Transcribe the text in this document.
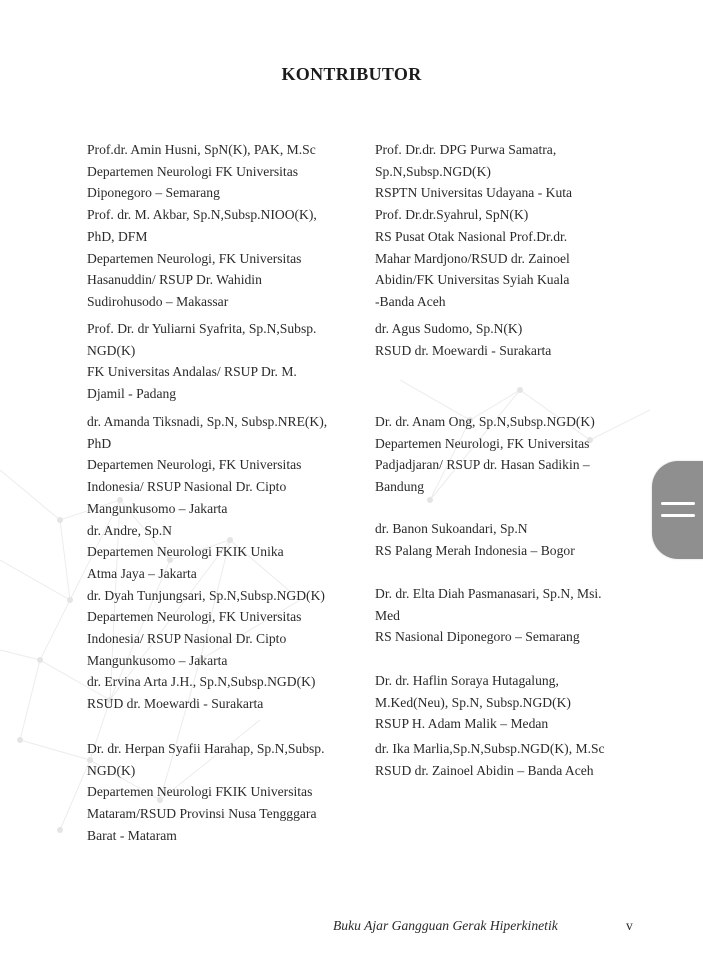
KONTRIBUTOR
Prof.dr. Amin Husni, SpN(K), PAK, M.Sc
Departemen Neurologi FK Universitas
Diponegoro – Semarang
Prof. dr. M. Akbar, Sp.N,Subsp.NIOO(K),
PhD, DFM
Departemen Neurologi, FK Universitas
Hasanuddin/ RSUP Dr. Wahidin
Sudirohusodo – Makassar
Prof. Dr. dr Yuliarni Syafrita, Sp.N,Subsp.
NGD(K)
FK Universitas Andalas/ RSUP Dr. M.
Djamil - Padang
dr. Amanda Tiksnadi, Sp.N, Subsp.NRE(K),
PhD
Departemen Neurologi, FK Universitas
Indonesia/ RSUP Nasional Dr. Cipto
Mangunkusomo – Jakarta
dr. Andre, Sp.N
Departemen Neurologi FKIK Unika
Atma Jaya – Jakarta
dr. Dyah Tunjungsari, Sp.N,Subsp.NGD(K)
Departemen Neurologi, FK Universitas
Indonesia/ RSUP Nasional Dr. Cipto
Mangunkusomo – Jakarta
dr. Ervina Arta J.H., Sp.N,Subsp.NGD(K)
RSUD dr. Moewardi - Surakarta
Dr. dr. Herpan Syafii Harahap, Sp.N,Subsp.
NGD(K)
Departemen Neurologi FKIK Universitas
Mataram/RSUD Provinsi Nusa Tengggara
Barat - Mataram
Prof. Dr.dr. DPG Purwa Samatra,
Sp.N,Subsp.NGD(K)
RSPTN Universitas Udayana - Kuta
Prof. Dr.dr.Syahrul, SpN(K)
RS Pusat Otak Nasional Prof.Dr.dr.
Mahar Mardjono/RSUD dr. Zainoel
Abidin/FK Universitas Syiah Kuala
-Banda Aceh
dr. Agus Sudomo, Sp.N(K)
RSUD dr. Moewardi - Surakarta
Dr. dr. Anam Ong, Sp.N,Subsp.NGD(K)
Departemen Neurologi, FK Universitas
Padjadjaran/ RSUP dr. Hasan Sadikin –
Bandung
dr. Banon Sukoandari, Sp.N
RS Palang Merah Indonesia – Bogor
Dr. dr. Elta Diah Pasmanasari, Sp.N, Msi.
Med
RS Nasional Diponegoro – Semarang
Dr. dr. Haflin Soraya Hutagalung,
M.Ked(Neu), Sp.N, Subsp.NGD(K)
RSUP H. Adam Malik – Medan
dr. Ika Marlia,Sp.N,Subsp.NGD(K), M.Sc
RSUD dr. Zainoel Abidin – Banda Aceh
Buku Ajar Gangguan Gerak Hiperkinetik	v
